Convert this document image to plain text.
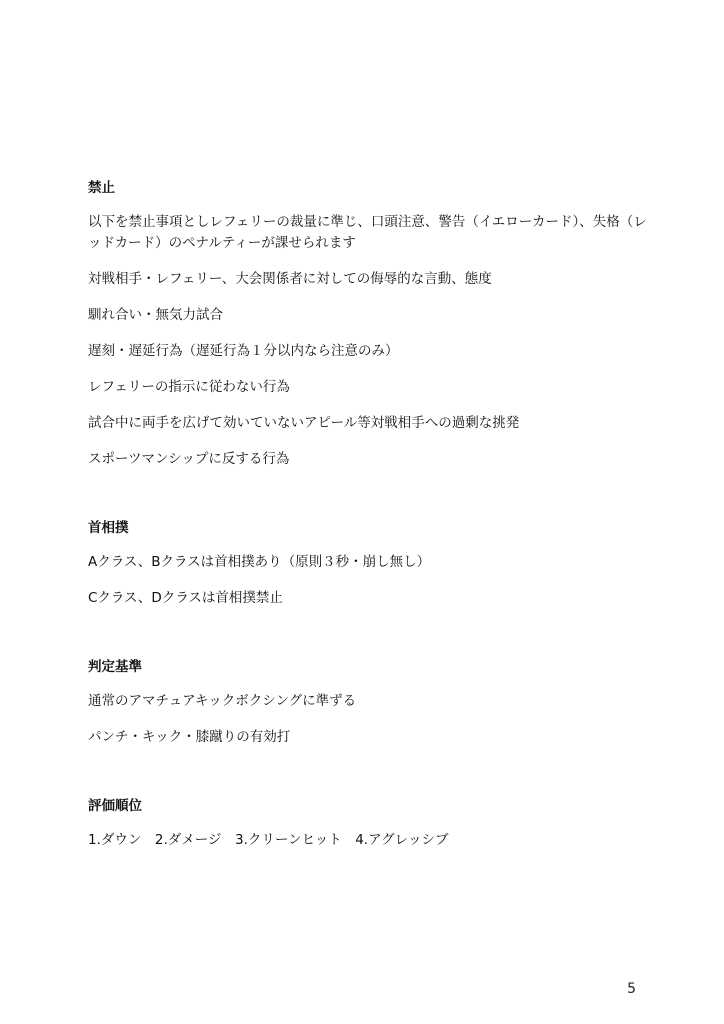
禁止
以下を禁止事項としレフェリーの裁量に準じ、口頭注意、警告（イエローカード）、失格（レッドカード）のペナルティーが課せられます
対戦相手・レフェリー、大会関係者に対しての侮辱的な言動、態度
馴れ合い・無気力試合
遅刻・遅延行為（遅延行為１分以内なら注意のみ）
レフェリーの指示に従わない行為
試合中に両手を広げて効いていないアピール等対戦相手への過剰な挑発
スポーツマンシップに反する行為
首相撲
Aクラス、Bクラスは首相撲あり（原則３秒・崩し無し）
Cクラス、Dクラスは首相撲禁止
判定基準
通常のアマチュアキックボクシングに準ずる
パンチ・キック・膝蹴りの有効打
評価順位
1.ダウン　2.ダメージ　3.クリーンヒット　4.アグレッシブ
5
